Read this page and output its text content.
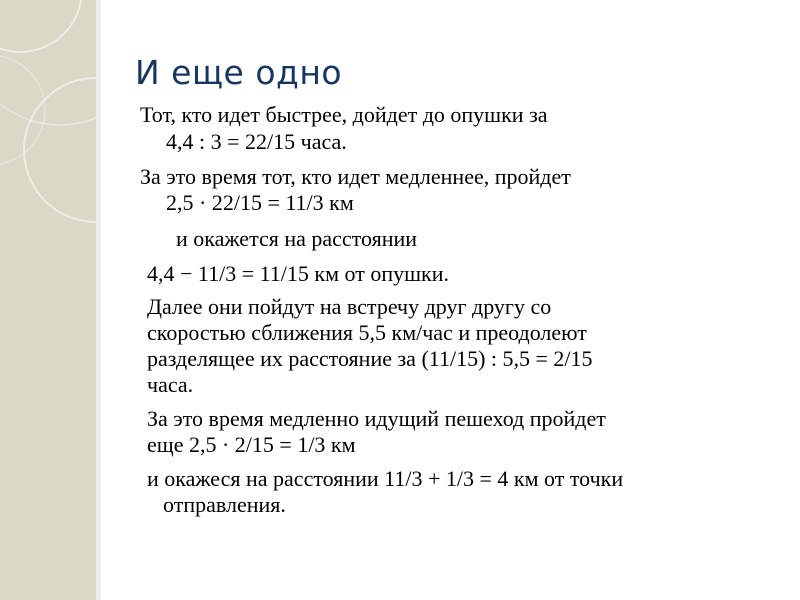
И еще одно
Тот, кто идет быстрее, дойдет до опушки за
4,4 : 3 = 22/15 часа.
За это время тот, кто идет медленнее, пройдет
2,5 · 22/15 = 11/3 км
и окажется на расстоянии
4,4 − 11/3 = 11/15 км от опушки.
Далее они пойдут на встречу друг другу со
скоростью сближения 5,5 км/час и преодолеют
разделящее их расстояние за (11/15) : 5,5 = 2/15
часа.
За это время медленно идущий пешеход пройдет
еще 2,5 · 2/15 = 1/3 км
и окажеся на расстоянии 11/3 + 1/3 = 4 км от точки
отправления.
